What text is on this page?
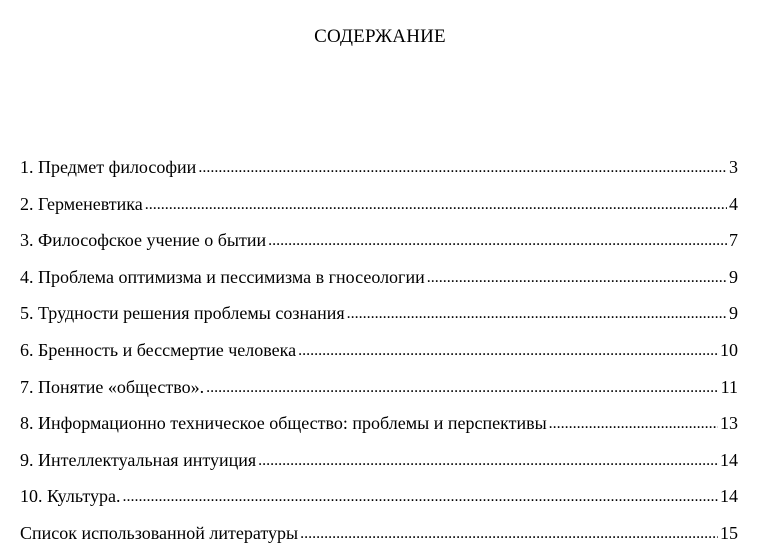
СОДЕРЖАНИЕ
1. Предмет философии .....	3
2. Герменевтика .....	4
3. Философское учение о бытии .....	7
4. Проблема оптимизма и пессимизма в гносеологии .....	9
5. Трудности решения проблемы сознания .....	9
6. Бренность и бессмертие человека .....	10
7. Понятие «общество». .....	11
8. Информационно техническое общество: проблемы и перспективы .....	13
9. Интеллектуальная интуиция .....	14
10. Культура. .....	14
Список использованной литературы .....	15
